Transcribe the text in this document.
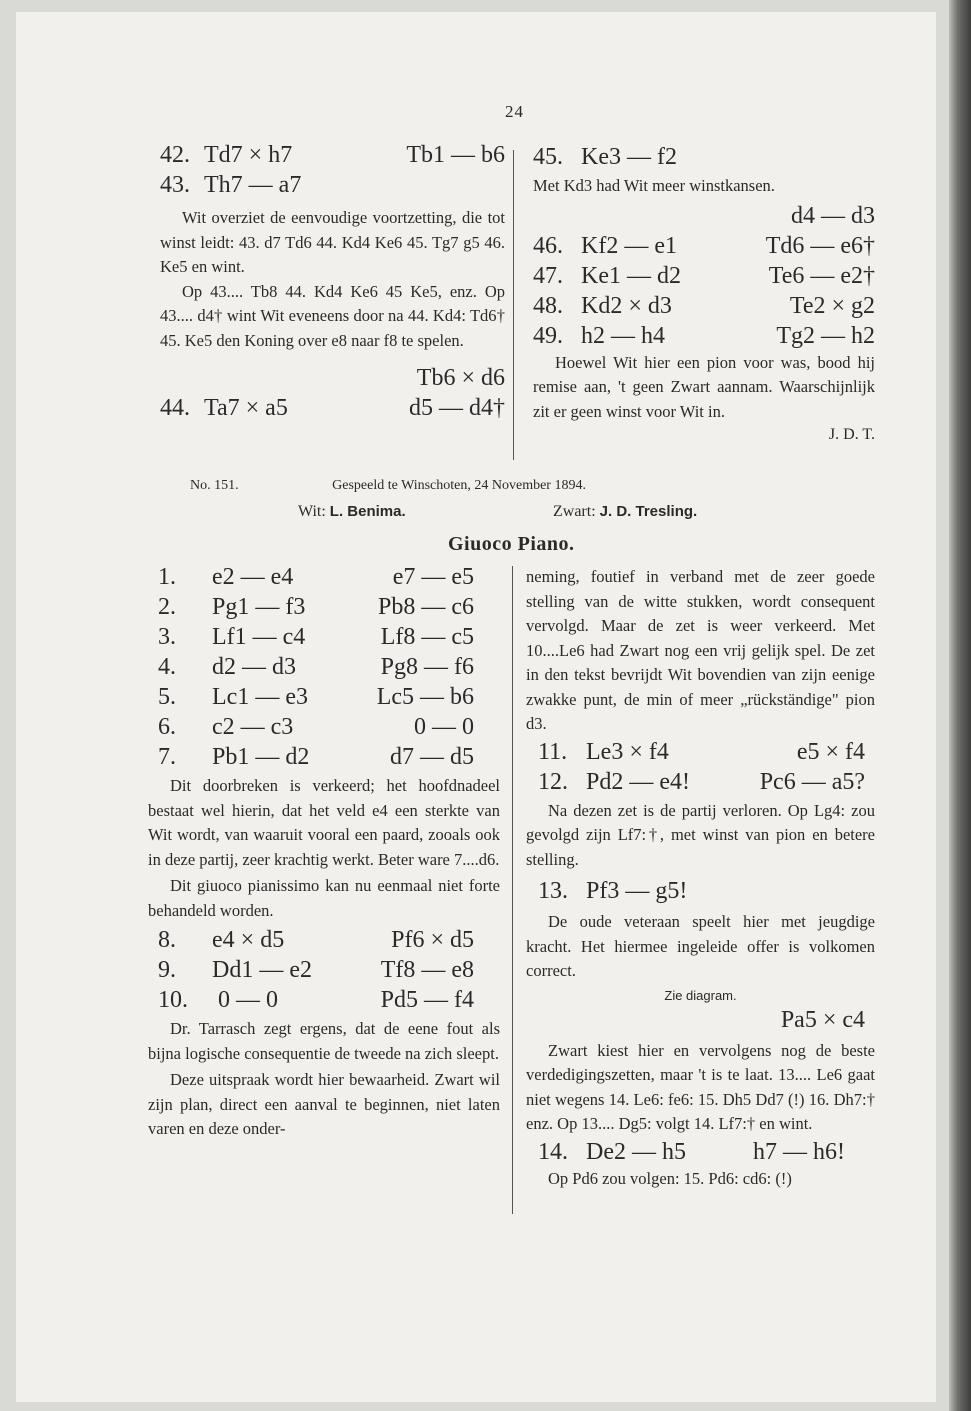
24
42. Td7 × h7	Tb1 — b6
43. Th7 — a7

Wit overziet de eenvoudige voortzetting, die tot winst leidt: 43. d7 Td6 44. Kd4 Ke6 45. Tg7 g5 46. Ke5 en wint.

Op 43.... Tb8 44. Kd4 Ke6 45 Ke5, enz. Op 43.... d4† wint Wit eveneens door na 44. Kd4: Td6† 45. Ke5 den Koning over e8 naar f8 te spelen.

Tb6 × d6
44. Ta7 × a5	d5 — d4†
45. Ke3 — f2

Met Kd3 had Wit meer winstkansen.

d4 — d3
46. Kf2 — e1	Td6 — e6†
47. Ke1 — d2	Te6 — e2†
48. Kd2 × d3	Te2 × g2
49. h2 — h4	Tg2 — h2

Hoewel Wit hier een pion voor was, bood hij remise aan, 't geen Zwart aannam. Waarschijnlijk zit er geen winst voor Wit in.

J. D. T.
No. 151.	Gespeeld te Winschoten, 24 November 1894.
Wit: L. Benima.	Zwart: J. D. Tresling.
Giuoco Piano.
1.	e2 — e4	e7 — e5
2.	Pg1 — f3	Pb8 — c6
3.	Lf1 — c4	Lf8 — c5
4.	d2 — d3	Pg8 — f6
5.	Lc1 — e3	Lc5 — b6
6.	c2 — c3	0 — 0
7.	Pb1 — d2	d7 — d5

Dit doorbreken is verkeerd; het hoofdnadeel bestaat wel hierin, dat het veld e4 een sterkte van Wit wordt, van waaruit vooral een paard, zooals ook in deze partij, zeer krachtig werkt. Beter ware 7....d6.

Dit giuoco pianissimo kan nu eenmaal niet forte behandeld worden.

8.	e4 × d5	Pf6 × d5
9.	Dd1 — e2	Tf8 — e8
10.	0 — 0	Pd5 — f4

Dr. Tarrasch zegt ergens, dat de eene fout als bijna logische consequentie de tweede na zich sleept.

Deze uitspraak wordt hier bewaarheid. Zwart wil zijn plan, direct een aanval te beginnen, niet laten varen en deze onder-

neming, foutief in verband met de zeer goede stelling van de witte stukken, wordt consequent vervolgd. Maar de zet is weer verkeerd. Met 10....Le6 had Zwart nog een vrij gelijk spel. De zet in den tekst bevrijdt Wit bovendien van zijn eenige zwakke punt, de min of meer „rückständige" pion d3.

11. Le3 × f4	e5 × f4
12. Pd2 — e4!	Pc6 — a5?

Na dezen zet is de partij verloren. Op Lg4: zou gevolgd zijn Lf7:†, met winst van pion en betere stelling.

13. Pf3 — g5!

De oude veteraan speelt hier met jeugdige kracht. Het hiermee ingeleide offer is volkomen correct.

Zie diagram.
Pa5 × c4

Zwart kiest hier en vervolgens nog de beste verdedigingszetten, maar 't is te laat. 13.... Le6 gaat niet wegens 14. Le6: fe6: 15. Dh5 Dd7 (!) 16. Dh7:† enz. Op 13.... Dg5: volgt 14. Lf7:† en wint.

14. De2 — h5	h7 — h6!

Op Pd6 zou volgen: 15. Pd6: cd6: (!)
